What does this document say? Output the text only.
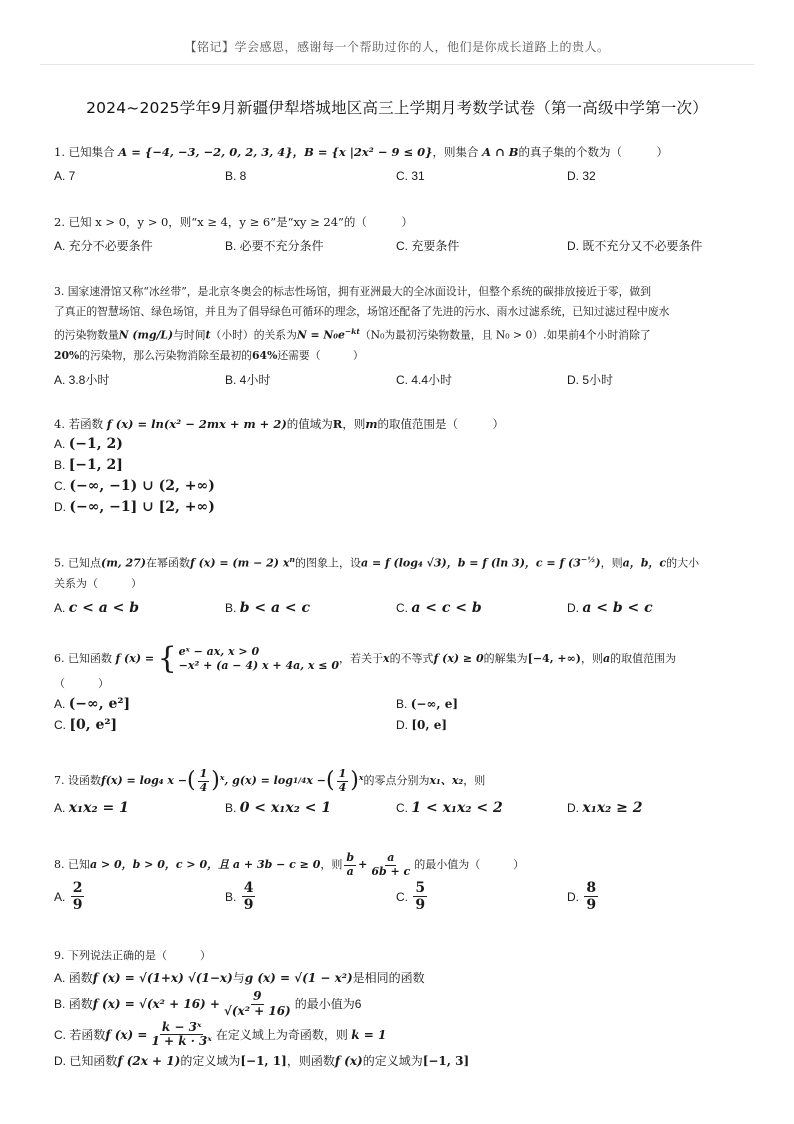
【铭记】学会感恩，感谢每一个帮助过你的人，他们是你成长道路上的贵人。
2024~2025学年9月新疆伊犁塔城地区高三上学期月考数学试卷（第一高级中学第一次）
1. 已知集合 A = {−4, −3, −2, 0, 2, 3, 4}，B = {x |2x² − 9 ≤ 0}，则集合 A ∩ B的真子集的个数为（　　　）
A. 7	B. 8	C. 31	D. 32
2. 已知 x > 0，y > 0，则“x ≥ 4，y ≥ 6”是“xy ≥ 24”的（　　　）
A. 充分不必要条件	B. 必要不充分条件	C. 充要条件	D. 既不充分又不必要条件
3. 国家速滑馆又称“冰丝带”，是北京冬奥会的标志性场馆，拥有亚洲最大的全冰面设计，但整个系统的碳排放接近于零，做到
了真正的智慧场馆、绿色场馆，并且为了倡导绿色可循环的理念，场馆还配备了先进的污水、雨水过滤系统，已知过滤过程中废水
的污染物数量N (mg/L)与时间t（小时）的关系为$N = N_0e^{-kt}(N_0$为最初污染物数量，且 N₀ > 0）.如果前4个小时消除了
20%的污染物，那么污染物消除至最初的64%还需要（　　　）
A. 3.8小时	B. 4小时	C. 4.4小时	D. 5小时
4. 若函数 f (x) = ln(x² − 2mx + m + 2)的值域为R，则m的取值范围是（　　　）
A. (−1, 2)
B. [−1, 2]
C. (−∞, −1) ∪ (2, +∞)
D. (−∞, −1] ∪ [2, +∞)
5. 已知点(m, 27)在幂函数f (x) = (m − 2) $x^n$的图象上，设a = f (log₄ √3)，b = f (ln 3)，c = f $(3^{-\frac{1}{2}})$，则a，b，c的大小
关系为（　　　）
A. c < a < b	B. b < a < c	C. a < c < b	D. a < b < c
6. 已知函数 f (x) = { eˣ − ax, x > 0
−x² + (a − 4) x + 4a, x ≤ 0
，若关于x的不等式f (x) ≥ 0的解集为[−4, +∞)，则a的取值范围为
（　　　）
A. (−∞, e²]	B. (−∞, e]
C. [0, e²]	D. [0, e]
7.
设函数 f(x) = log₄ x − ( $\frac{1}{4}$ ) x , g(x) = log 1/4 x − ( $\frac{1}{4}$ ) x 的零点分别为 x₁、x₂ ，则
A. x₁x₂ = 1	B. 0 < x₁x₂ < 1	C. 1 < x₁x₂ < 2	D. x₁x₂ ≥ 2
8.
已知 a > 0，b > 0，c > 0，且 a + 3b − c ≥ 0 ，则 $\frac{b}{a} + \frac{a}{6b + c}$ 的最小值为（　　　）
A.
$\frac{2}{9}$	B.
$\frac{4}{9}$	C.
$\frac{5}{9}$	D.
$\frac{8}{9}$
9. 下列说法正确的是（　　　）
A. 函数f (x) = √(1+x) √(1−x)与g (x) = √(1 − x²)是相同的函数
B.
函数 f $(x) = √(x^2 + 16) + \frac{9}{\text{√(x² + 16)}}$ 的最小值为6
C.
若函数 f $(x) = \frac{\text{k − 3ˣ}}{\text{1 + k · 3ˣ}}$ 在定义域上为奇函数，则
k = 1
D. 已知函数f (2x + 1)的定义域为[−1, 1]，则函数f (x)的定义域为[−1, 3]
